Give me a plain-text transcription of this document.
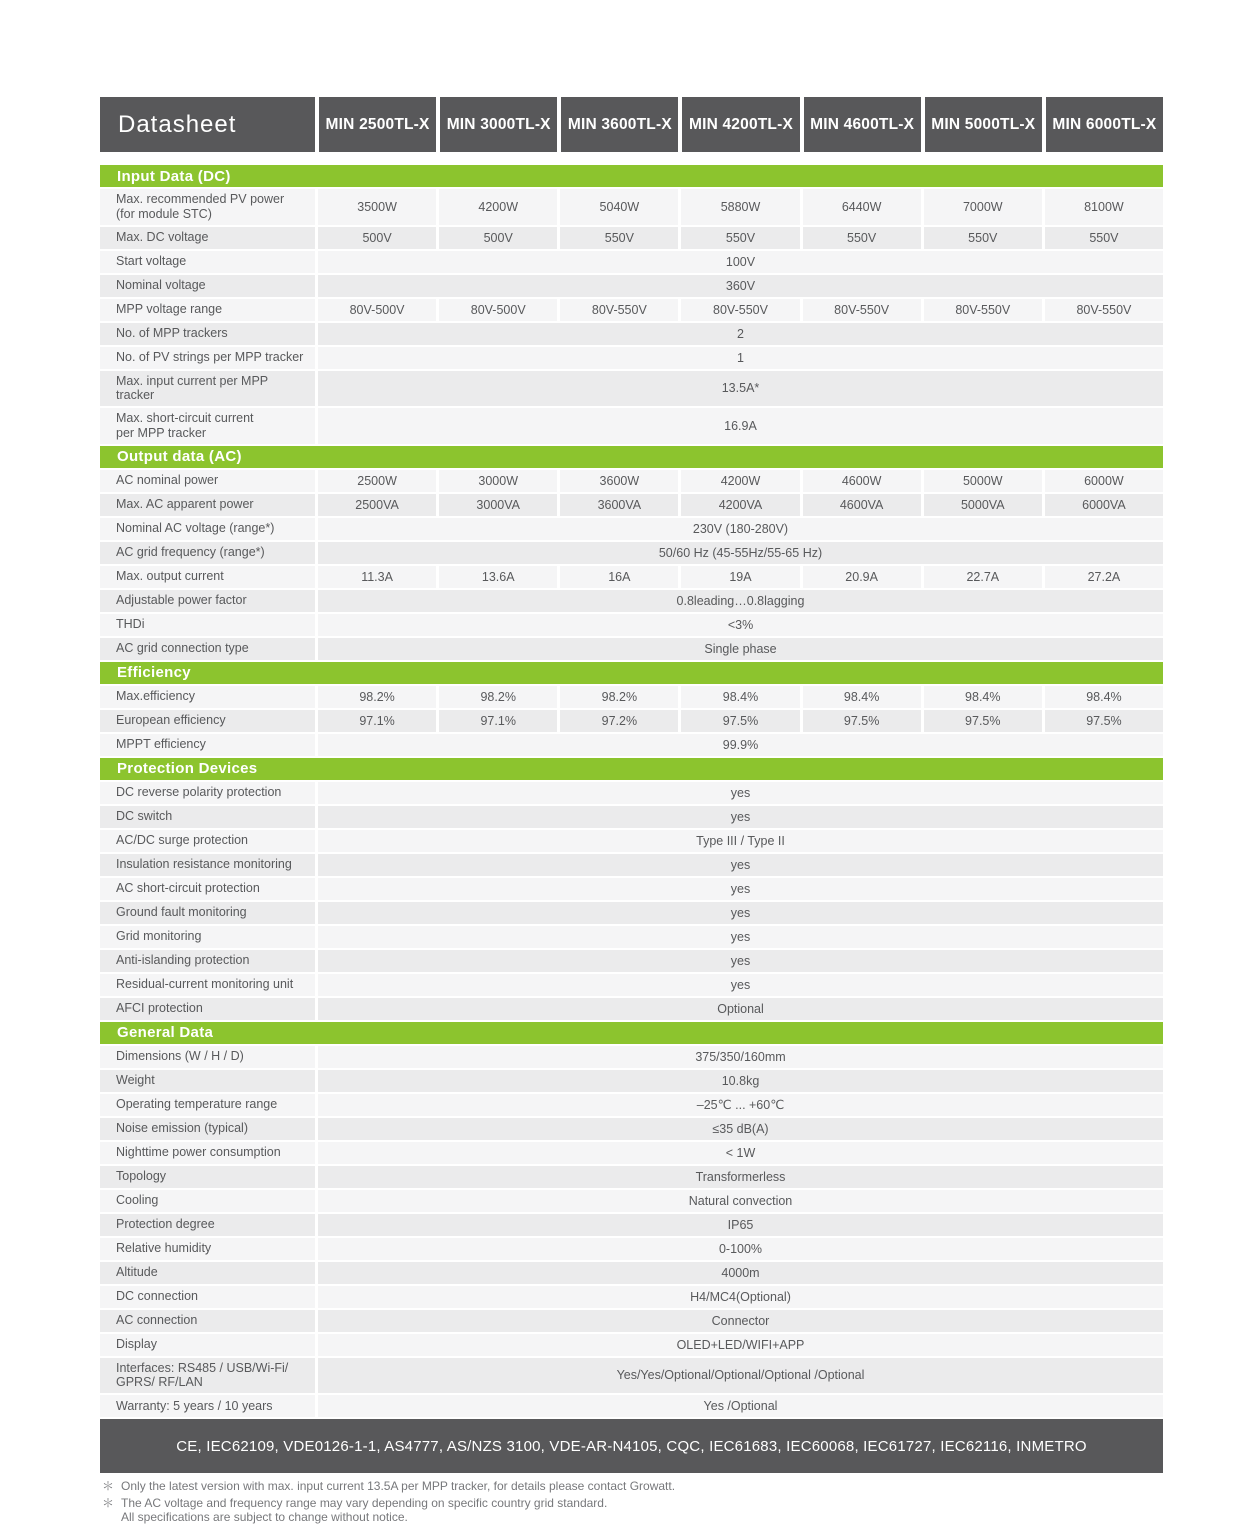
Datasheet	MIN 2500TL-X	MIN 3000TL-X	MIN 3600TL-X	MIN 4200TL-X	MIN 4600TL-X	MIN 5000TL-X	MIN 6000TL-X
Input Data (DC)
Max. recommended PV power
(for module STC)	3500W	4200W	5040W	5880W	6440W	7000W	8100W
Max. DC voltage	500V	500V	550V	550V	550V	550V	550V
Start voltage	100V
Nominal voltage	360V
MPP voltage range	80V-500V	80V-500V	80V-550V	80V-550V	80V-550V	80V-550V	80V-550V
No. of MPP trackers	2
No. of PV strings per MPP tracker	1
Max. input current per MPP tracker	13.5A*
Max. short-circuit current
per MPP tracker	16.9A
Output data (AC)
AC nominal power	2500W	3000W	3600W	4200W	4600W	5000W	6000W
Max. AC apparent power	2500VA	3000VA	3600VA	4200VA	4600VA	5000VA	6000VA
Nominal AC voltage (range*)	230V (180-280V)
AC grid frequency (range*)	50/60 Hz (45-55Hz/55-65 Hz)
Max. output current	11.3A	13.6A	16A	19A	20.9A	22.7A	27.2A
Adjustable power factor	0.8leading…0.8lagging
THDi	<3%
AC grid connection type	Single phase
Efficiency
Max.efficiency	98.2%	98.2%	98.2%	98.4%	98.4%	98.4%	98.4%
European efficiency	97.1%	97.1%	97.2%	97.5%	97.5%	97.5%	97.5%
MPPT efficiency	99.9%
Protection Devices
DC reverse polarity protection	yes
DC switch	yes
AC/DC surge protection	Type III / Type II
Insulation resistance monitoring	yes
AC short-circuit protection	yes
Ground fault monitoring	yes
Grid monitoring	yes
Anti-islanding protection	yes
Residual-current monitoring unit	yes
AFCI protection	Optional
General Data
Dimensions (W / H / D)	375/350/160mm
Weight	10.8kg
Operating temperature range	–25℃ ... +60℃
Noise emission (typical)	≤35 dB(A)
Nighttime power consumption	< 1W
Topology	Transformerless
Cooling	Natural convection
Protection degree	IP65
Relative humidity	0-100%
Altitude	4000m
DC connection	H4/MC4(Optional)
AC connection	Connector
Display	OLED+LED/WIFI+APP
Interfaces: RS485 / USB/Wi-Fi/
GPRS/ RF/LAN	Yes/Yes/Optional/Optional/Optional /Optional
Warranty: 5 years / 10 years	Yes /Optional
CE, IEC62109, VDE0126-1-1, AS4777, AS/NZS 3100, VDE-AR-N4105, CQC, IEC61683, IEC60068, IEC61727, IEC62116, INMETRO
＊ Only the latest version with max. input current 13.5A per MPP tracker, for details please contact Growatt.
＊ The AC voltage and frequency range may vary depending on specific country grid standard.
All specifications are subject to change without notice.
